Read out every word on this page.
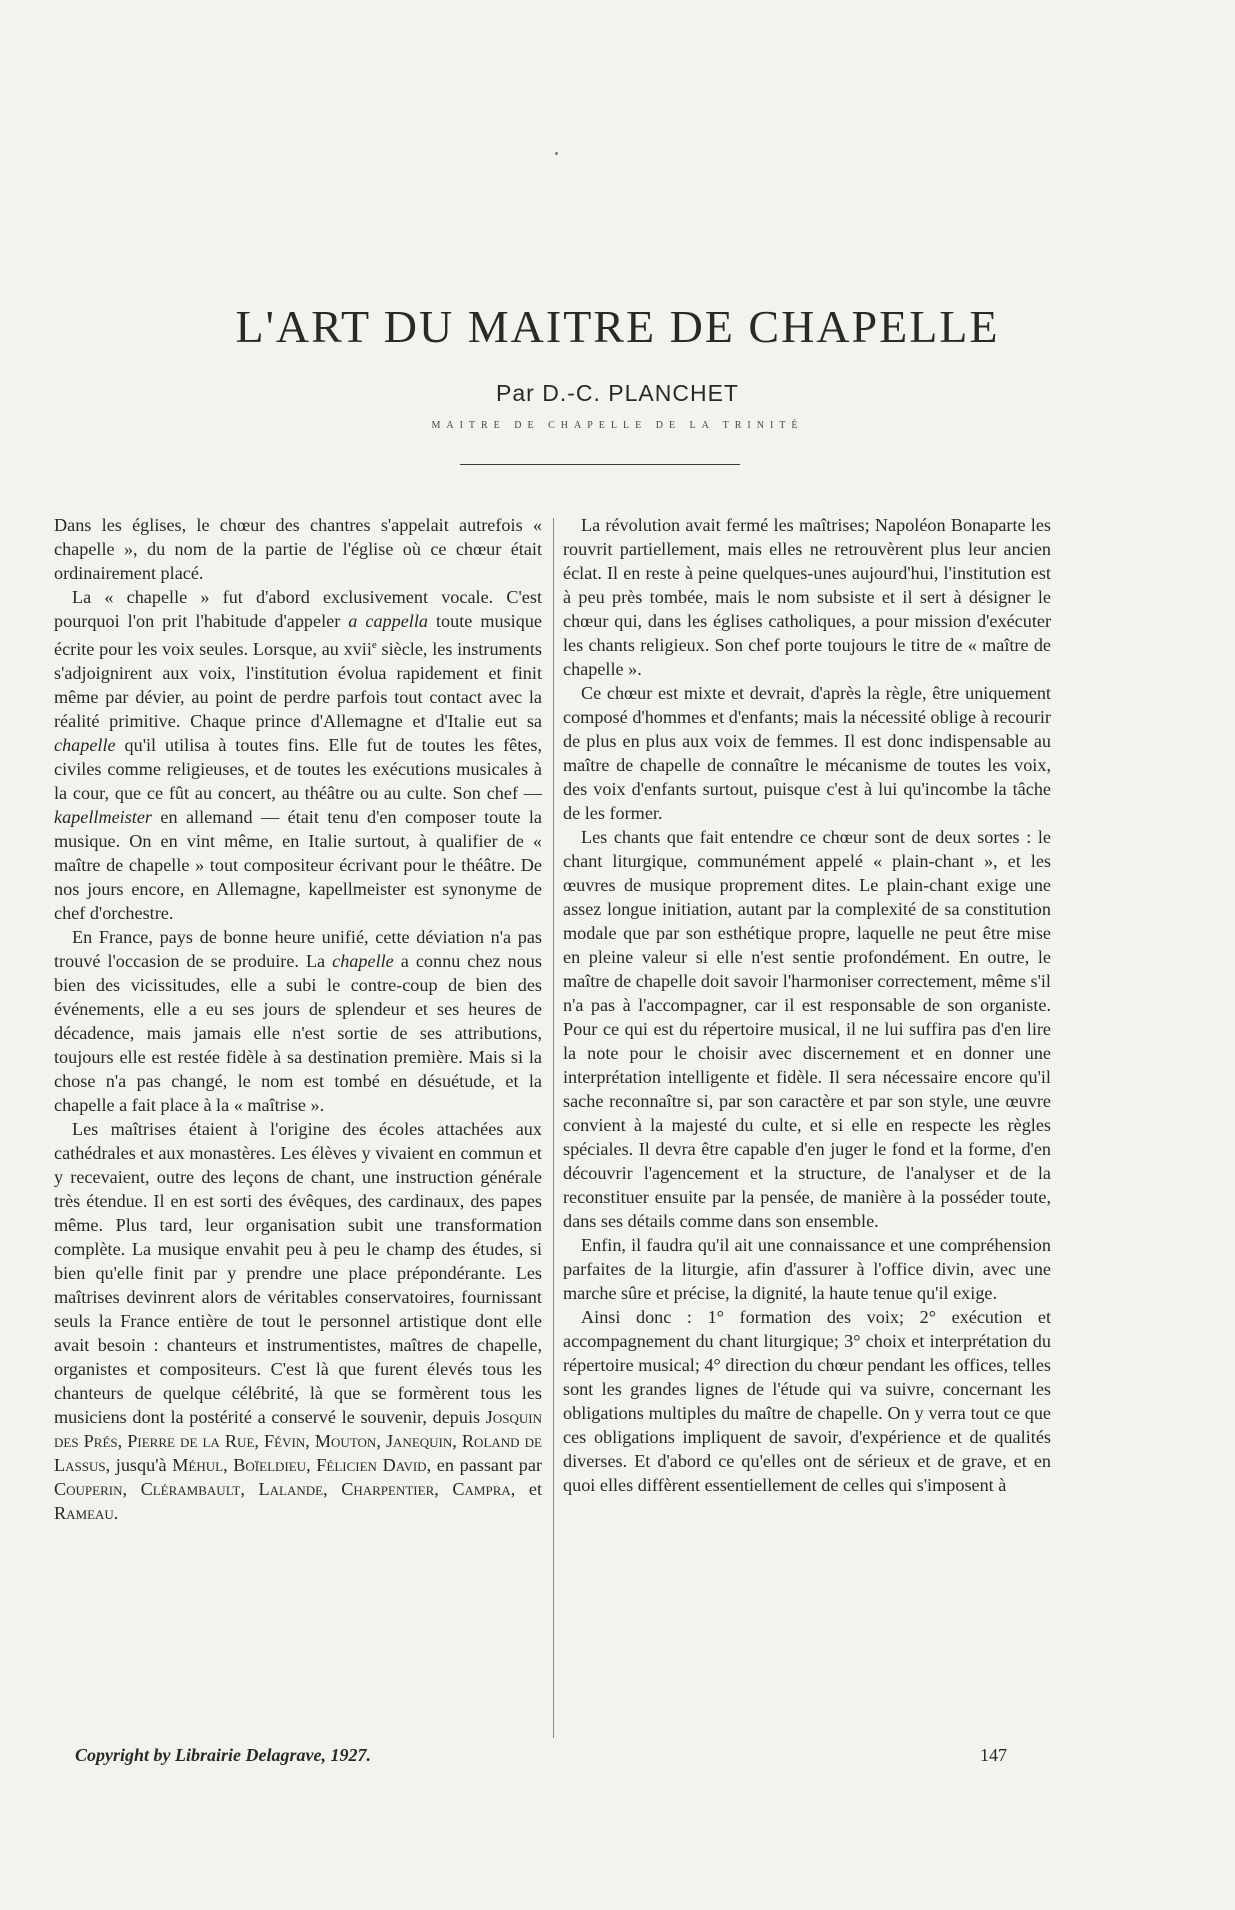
L'ART DU MAITRE DE CHAPELLE
Par D.-C. PLANCHET
MAITRE DE CHAPELLE DE LA TRINITÉ

Dans les églises, le chœur des chantres s'appelait autrefois « chapelle », du nom de la partie de l'église où ce chœur était ordinairement placé.

La « chapelle » fut d'abord exclusivement vocale. C'est pourquoi l'on prit l'habitude d'appeler a cappella toute musique écrite pour les voix seules. Lorsque, au xvii$^e$ siècle, les instruments s'adjoignirent aux voix, l'institution évolua rapidement et finit même par dévier, au point de perdre parfois tout contact avec la réalité primitive. Chaque prince d'Allemagne et d'Italie eut sa chapelle qu'il utilisa à toutes fins. Elle fut de toutes les fêtes, civiles comme religieuses, et de toutes les exécutions musicales à la cour, que ce fût au concert, au théâtre ou au culte. Son chef — kapellmeister en allemand — était tenu d'en composer toute la musique. On en vint même, en Italie surtout, à qualifier de « maître de chapelle » tout compositeur écrivant pour le théâtre. De nos jours encore, en Allemagne, kapellmeister est synonyme de chef d'orchestre.

En France, pays de bonne heure unifié, cette déviation n'a pas trouvé l'occasion de se produire. La chapelle a connu chez nous bien des vicissitudes, elle a subi le contre-coup de bien des événements, elle a eu ses jours de splendeur et ses heures de décadence, mais jamais elle n'est sortie de ses attributions, toujours elle est restée fidèle à sa destination première. Mais si la chose n'a pas changé, le nom est tombé en désuétude, et la chapelle a fait place à la « maîtrise ».

Les maîtrises étaient à l'origine des écoles attachées aux cathédrales et aux monastères. Les élèves y vivaient en commun et y recevaient, outre des leçons de chant, une instruction générale très étendue. Il en est sorti des évêques, des cardinaux, des papes même. Plus tard, leur organisation subit une transformation complète. La musique envahit peu à peu le champ des études, si bien qu'elle finit par y prendre une place prépondérante. Les maîtrises devinrent alors de véritables conservatoires, fournissant seuls la France entière de tout le personnel artistique dont elle avait besoin : chanteurs et instrumentistes, maîtres de chapelle, organistes et compositeurs. C'est là que furent élevés tous les chanteurs de quelque célébrité, là que se formèrent tous les musiciens dont la postérité a conservé le souvenir, depuis Josquin des Prés, Pierre de la Rue, Févin, Mouton, Janequin, Roland de Lassus, jusqu'à Méhul, Boïeldieu, Félicien David, en passant par Couperin, Clérambault, Lalande, Charpentier, Campra, et Rameau.

La révolution avait fermé les maîtrises; Napoléon Bonaparte les rouvrit partiellement, mais elles ne retrouvèrent plus leur ancien éclat. Il en reste à peine quelques-unes aujourd'hui, l'institution est à peu près tombée, mais le nom subsiste et il sert à désigner le chœur qui, dans les églises catholiques, a pour mission d'exécuter les chants religieux. Son chef porte toujours le titre de « maître de chapelle ».

Ce chœur est mixte et devrait, d'après la règle, être uniquement composé d'hommes et d'enfants; mais la nécessité oblige à recourir de plus en plus aux voix de femmes. Il est donc indispensable au maître de chapelle de connaître le mécanisme de toutes les voix, des voix d'enfants surtout, puisque c'est à lui qu'incombe la tâche de les former.

Les chants que fait entendre ce chœur sont de deux sortes : le chant liturgique, communément appelé « plain-chant », et les œuvres de musique proprement dites. Le plain-chant exige une assez longue initiation, autant par la complexité de sa constitution modale que par son esthétique propre, laquelle ne peut être mise en pleine valeur si elle n'est sentie profondément. En outre, le maître de chapelle doit savoir l'harmoniser correctement, même s'il n'a pas à l'accompagner, car il est responsable de son organiste. Pour ce qui est du répertoire musical, il ne lui suffira pas d'en lire la note pour le choisir avec discernement et en donner une interprétation intelligente et fidèle. Il sera nécessaire encore qu'il sache reconnaître si, par son caractère et par son style, une œuvre convient à la majesté du culte, et si elle en respecte les règles spéciales. Il devra être capable d'en juger le fond et la forme, d'en découvrir l'agencement et la structure, de l'analyser et de la reconstituer ensuite par la pensée, de manière à la posséder toute, dans ses détails comme dans son ensemble.

Enfin, il faudra qu'il ait une connaissance et une compréhension parfaites de la liturgie, afin d'assurer à l'office divin, avec une marche sûre et précise, la dignité, la haute tenue qu'il exige.

Ainsi donc : 1° formation des voix; 2° exécution et accompagnement du chant liturgique; 3° choix et interprétation du répertoire musical; 4° direction du chœur pendant les offices, telles sont les grandes lignes de l'étude qui va suivre, concernant les obligations multiples du maître de chapelle. On y verra tout ce que ces obligations impliquent de savoir, d'expérience et de qualités diverses. Et d'abord ce qu'elles ont de sérieux et de grave, et en quoi elles diffèrent essentiellement de celles qui s'imposent à

Copyright by Librairie Delagrave, 1927.	147
